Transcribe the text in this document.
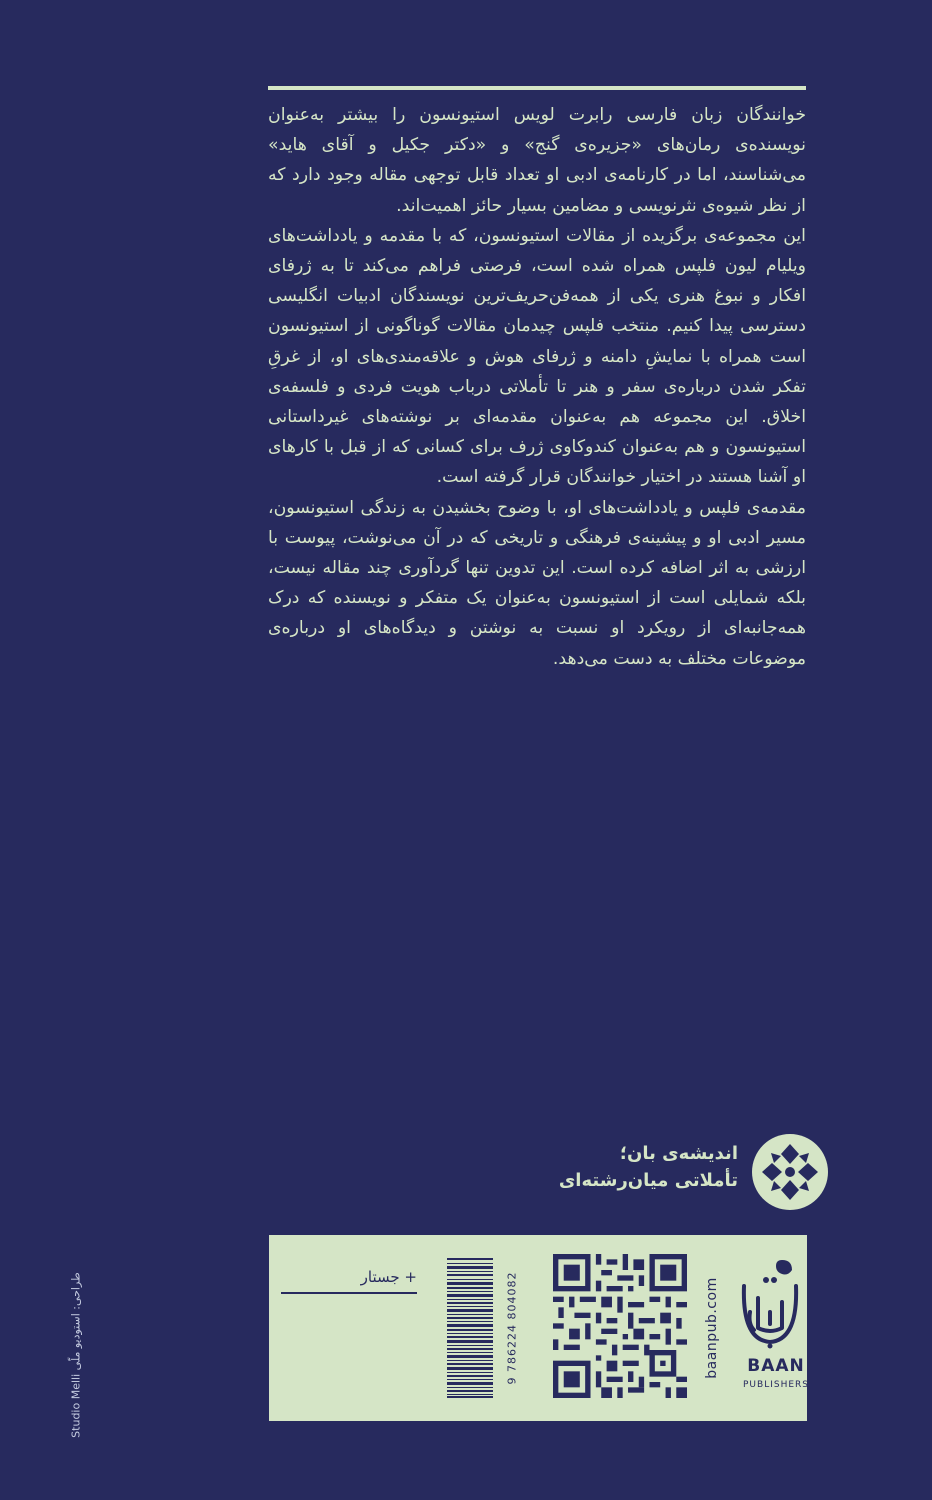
خوانندگان زبان فارسی رابرت لویس استیونسون را بیشتر به‌عنوان نویسنده‌ی رمان‌های «جزیره‌ی گنج» و «دکتر جکیل و آقای هاید» می‌شناسند، اما در کارنامه‌ی ادبی او تعداد قابل توجهی مقاله وجود دارد که از نظر شیوه‌ی نثرنویسی و مضامین بسیار حائز اهمیت‌اند.

این مجموعه‌ی برگزیده از مقالات استیونسون، که با مقدمه و یادداشت‌های ویلیام لیون فلپس همراه شده است، فرصتی فراهم می‌کند تا به ژرفای افکار و نبوغ هنری یکی از همه‌فن‌حریف‌ترین نویسندگان ادبیات انگلیسی دسترسی پیدا کنیم. منتخب فلپس چیدمان مقالات گوناگونی از استیونسون است همراه با نمایشِ دامنه و ژرفای هوش و علاقه‌مندی‌های او، از غرقِ تفکر شدن درباره‌ی سفر و هنر تا تأملاتی درباب هویت فردی و فلسفه‌ی اخلاق. این مجموعه هم به‌عنوان مقدمه‌ای بر نوشته‌های غیرداستانی استیونسون و هم به‌عنوان کندوکاوی ژرف برای کسانی که از قبل با کارهای او آشنا هستند در اختیار خوانندگان قرار گرفته است.

مقدمه‌ی فلپس و یادداشت‌های او، با وضوح بخشیدن به زندگی استیونسون، مسیر ادبی او و پیشینه‌ی فرهنگی و تاریخی که در آن می‌نوشت، پیوست با ارزشی به اثر اضافه کرده است. این تدوین تنها گردآوری چند مقاله نیست، بلکه شمایلی است از استیونسون به‌عنوان یک متفکر و نویسنده که درک همه‌جانبه‌ای از رویکرد او نسبت به نوشتن و دیدگاه‌های او درباره‌ی موضوعات مختلف به دست می‌دهد.

اندیشه‌ی بان؛
تأملاتی میان‌رشته‌ای
+ جستار	9 786224 804082	baanpub.com	BAAN
PUBLISHERS
Studio Melli طراحی: استودیو ملّی
